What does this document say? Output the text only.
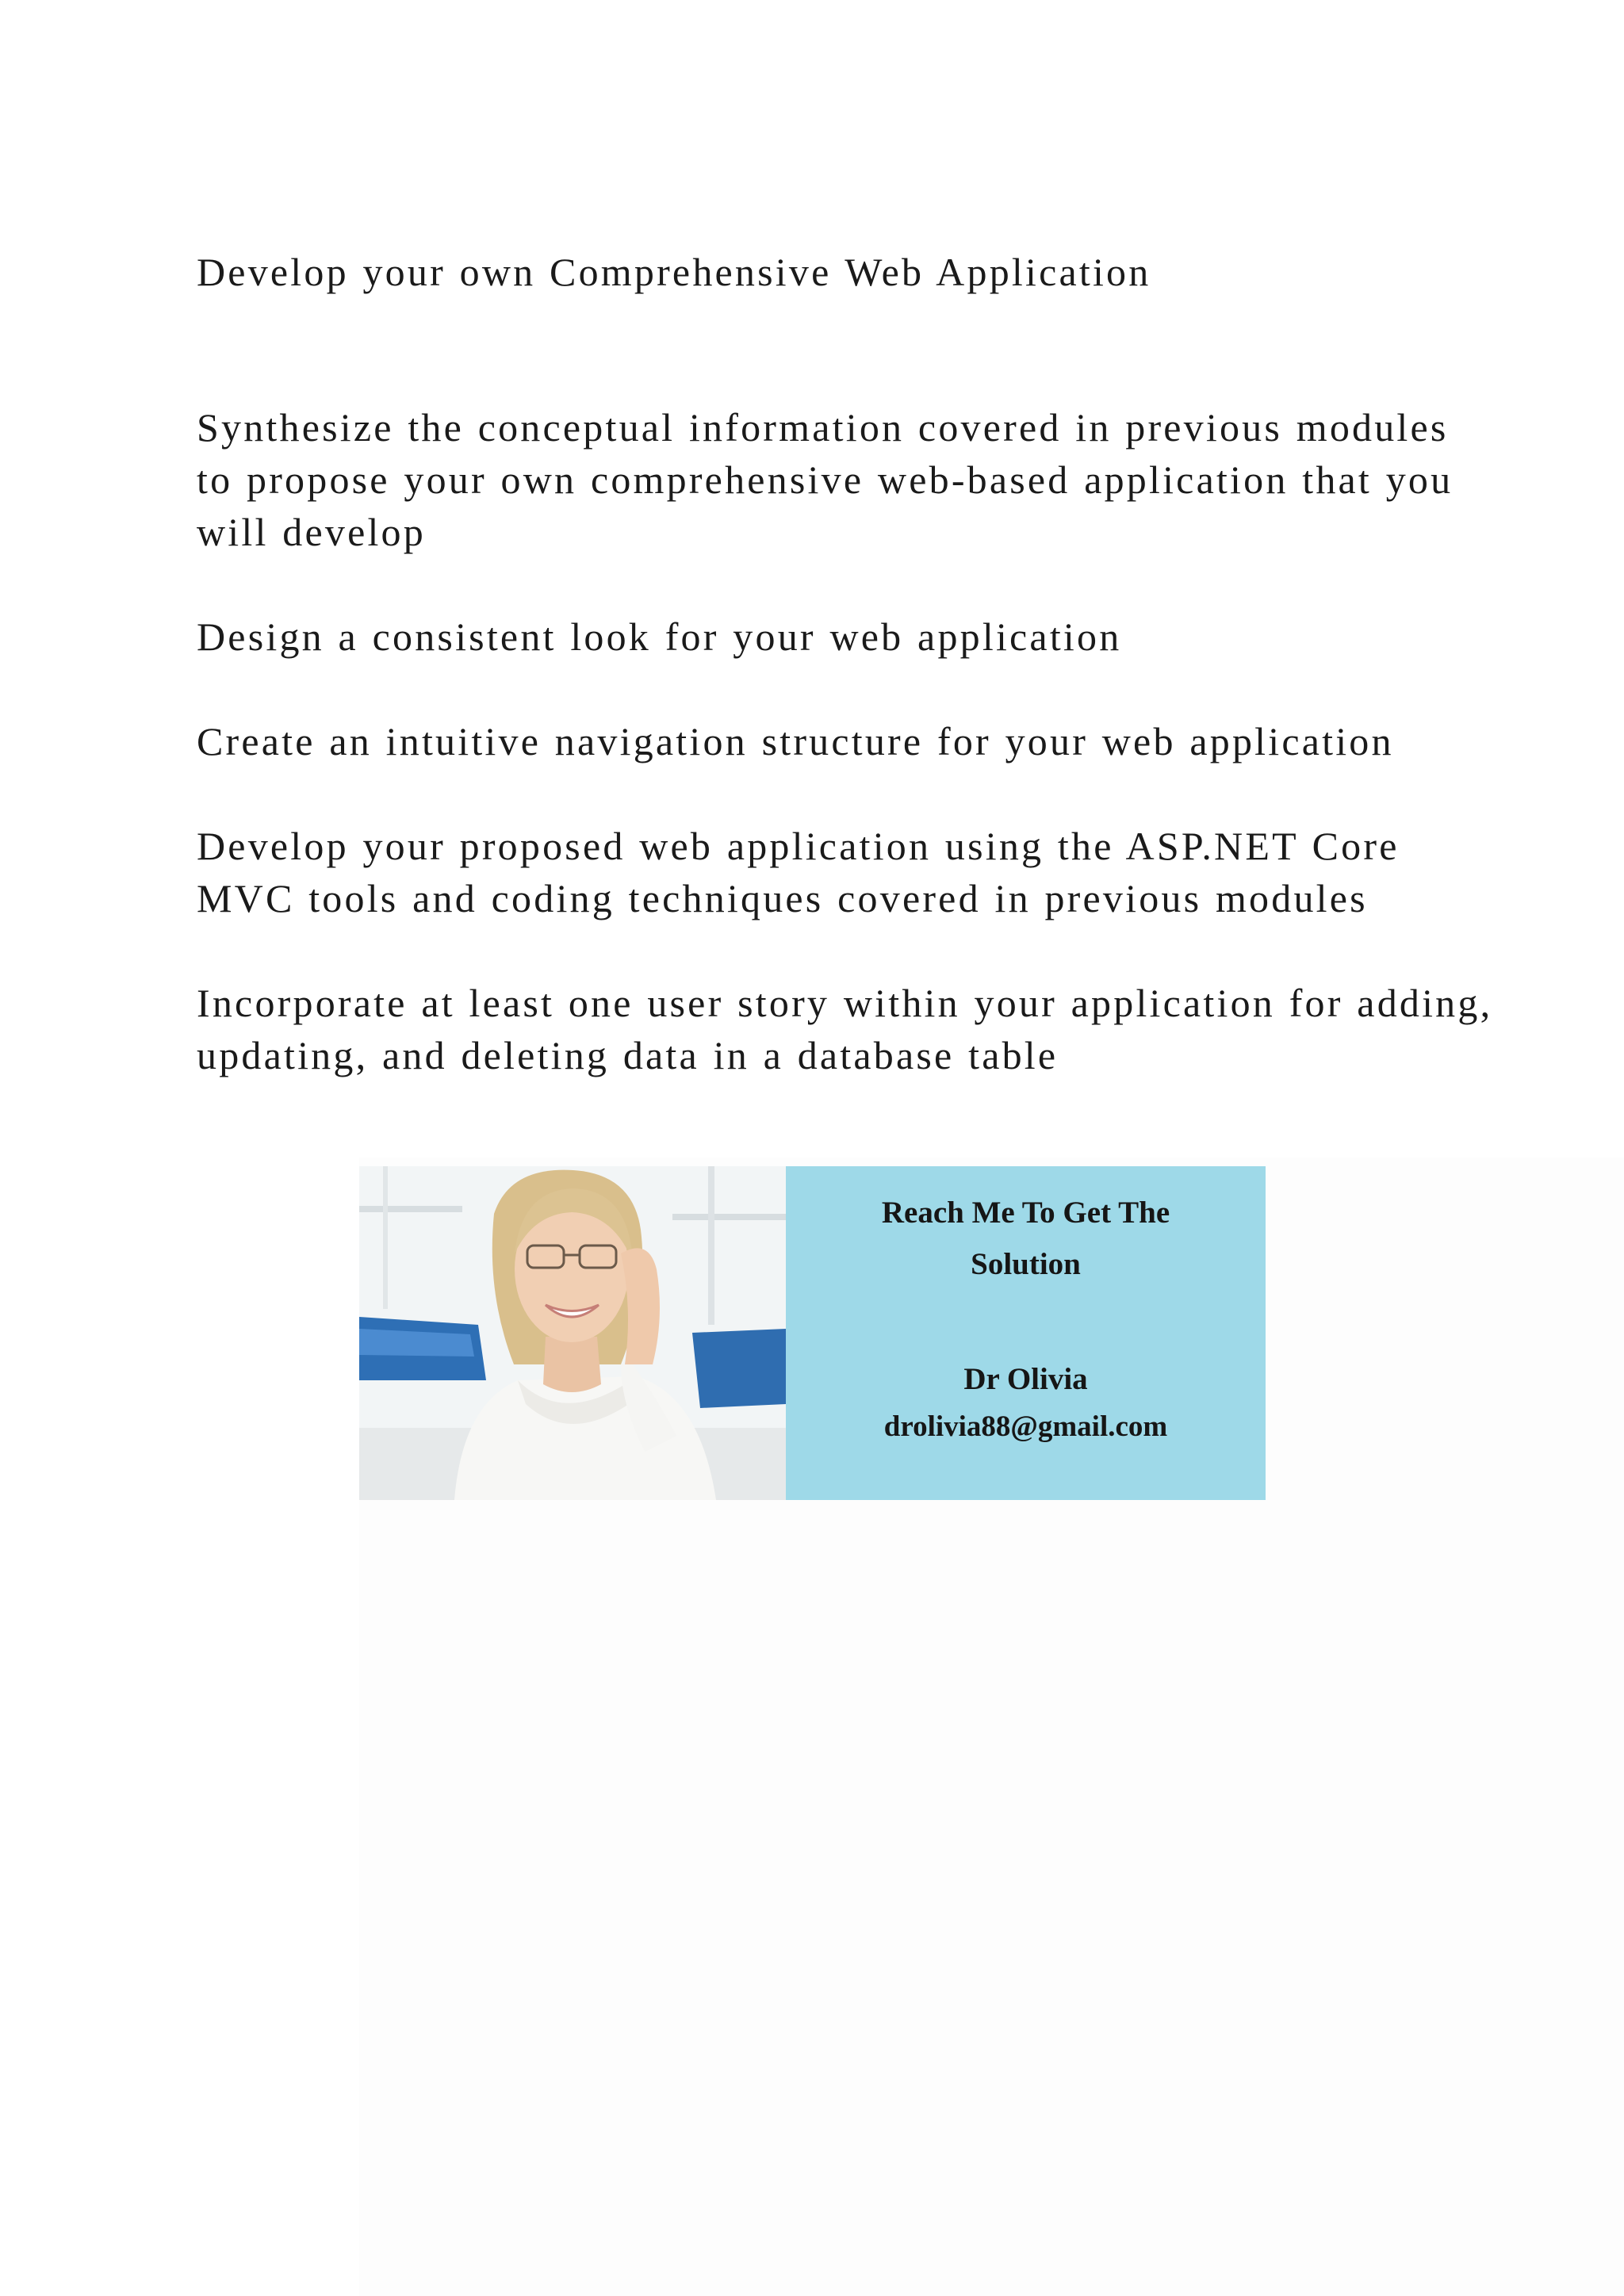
Develop your own Comprehensive Web Application

Synthesize the conceptual information covered in previous modules to propose your own comprehensive web-based application that you will develop

Design a consistent look for your web application

Create an intuitive navigation structure for your web application

Develop your proposed web application using the ASP.NET Core MVC tools and coding techniques covered in previous modules

Incorporate at least one user story within your application for adding, updating, and deleting data in a database table

Reach Me To Get The
Solution
Dr Olivia
drolivia88@gmail.com
